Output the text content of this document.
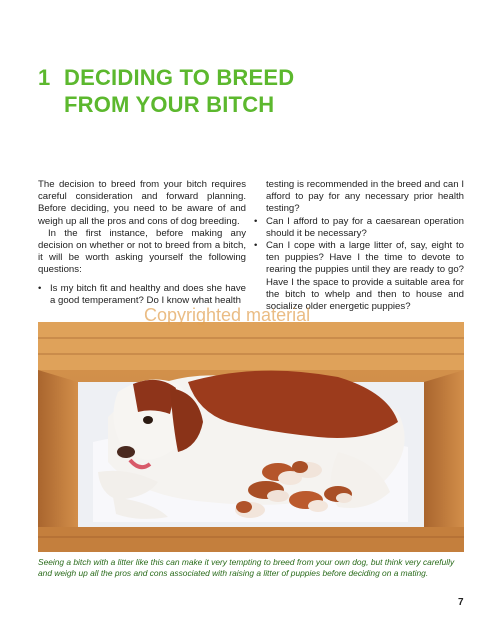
1 DECIDING TO BREED
FROM YOUR BITCH

The decision to breed from your bitch requires careful consideration and forward planning. Before deciding, you need to be aware of and weigh up all the pros and cons of dog breeding.

In the first instance, before making any decision on whether or not to breed from a bitch, it will be worth asking yourself the following questions:

• Is my bitch fit and healthy and does she have a good temperament? Do I know what health

testing is recommended in the breed and can I afford to pay for any necessary prior health testing?

• Can I afford to pay for a caesarean operation should it be necessary?
• Can I cope with a large litter of, say, eight to ten puppies? Have I the time to devote to rearing the puppies until they are ready to go? Have I the space to provide a suitable area for the bitch to whelp and then to house and socialize older energetic puppies?
Copyrighted material

Seeing a bitch with a litter like this can make it very tempting to breed from your own dog, but think very carefully and weigh up all the pros and cons associated with raising a litter of puppies before deciding on a mating.

7
